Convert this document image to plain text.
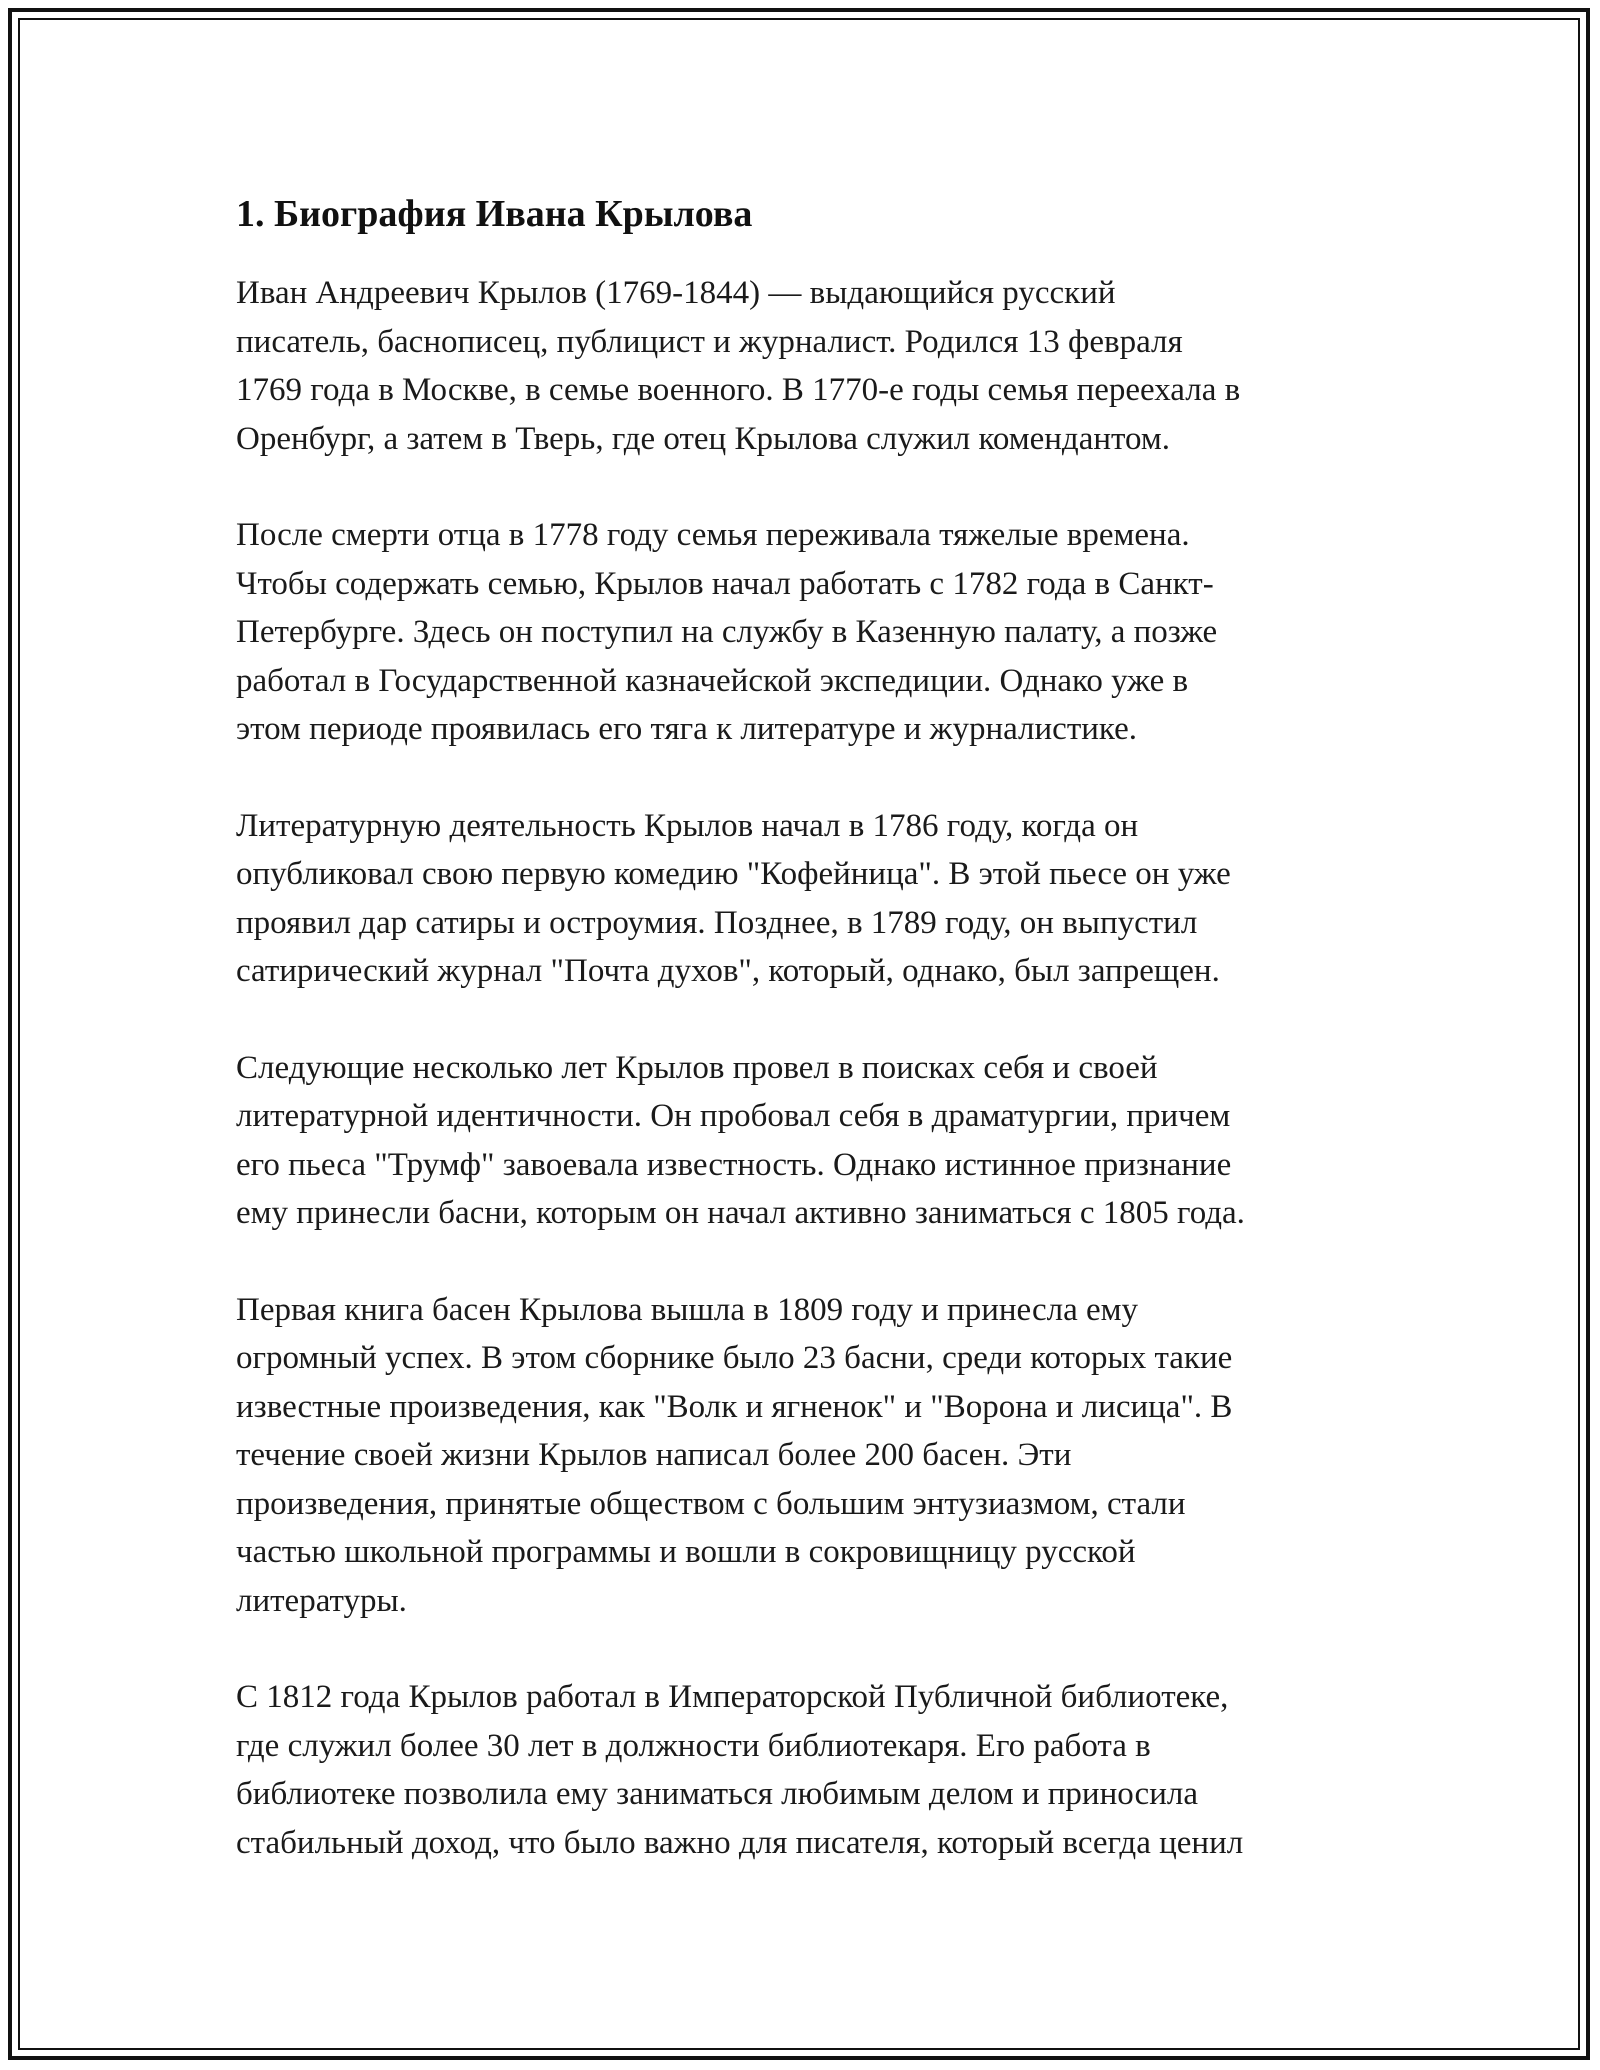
1. Биография Ивана Крылова

Иван Андреевич Крылов (1769-1844) — выдающийся русский

писатель, баснописец, публицист и журналист. Родился 13 февраля

1769 года в Москве, в семье военного. В 1770-е годы семья переехала в

Оренбург, а затем в Тверь, где отец Крылова служил комендантом.

После смерти отца в 1778 году семья переживала тяжелые времена.

Чтобы содержать семью, Крылов начал работать с 1782 года в Санкт-

Петербурге. Здесь он поступил на службу в Казенную палату, а позже

работал в Государственной казначейской экспедиции. Однако уже в

этом периоде проявилась его тяга к литературе и журналистике.

Литературную деятельность Крылов начал в 1786 году, когда он

опубликовал свою первую комедию "Кофейница". В этой пьесе он уже

проявил дар сатиры и остроумия. Позднее, в 1789 году, он выпустил

сатирический журнал "Почта духов", который, однако, был запрещен.

Следующие несколько лет Крылов провел в поисках себя и своей

литературной идентичности. Он пробовал себя в драматургии, причем

его пьеса "Трумф" завоевала известность. Однако истинное признание

ему принесли басни, которым он начал активно заниматься с 1805 года.

Первая книга басен Крылова вышла в 1809 году и принесла ему

огромный успех. В этом сборнике было 23 басни, среди которых такие

известные произведения, как "Волк и ягненок" и "Ворона и лисица". В

течение своей жизни Крылов написал более 200 басен. Эти

произведения, принятые обществом с большим энтузиазмом, стали

частью школьной программы и вошли в сокровищницу русской

литературы.

С 1812 года Крылов работал в Императорской Публичной библиотеке,

где служил более 30 лет в должности библиотекаря. Его работа в

библиотеке позволила ему заниматься любимым делом и приносила

стабильный доход, что было важно для писателя, который всегда ценил
